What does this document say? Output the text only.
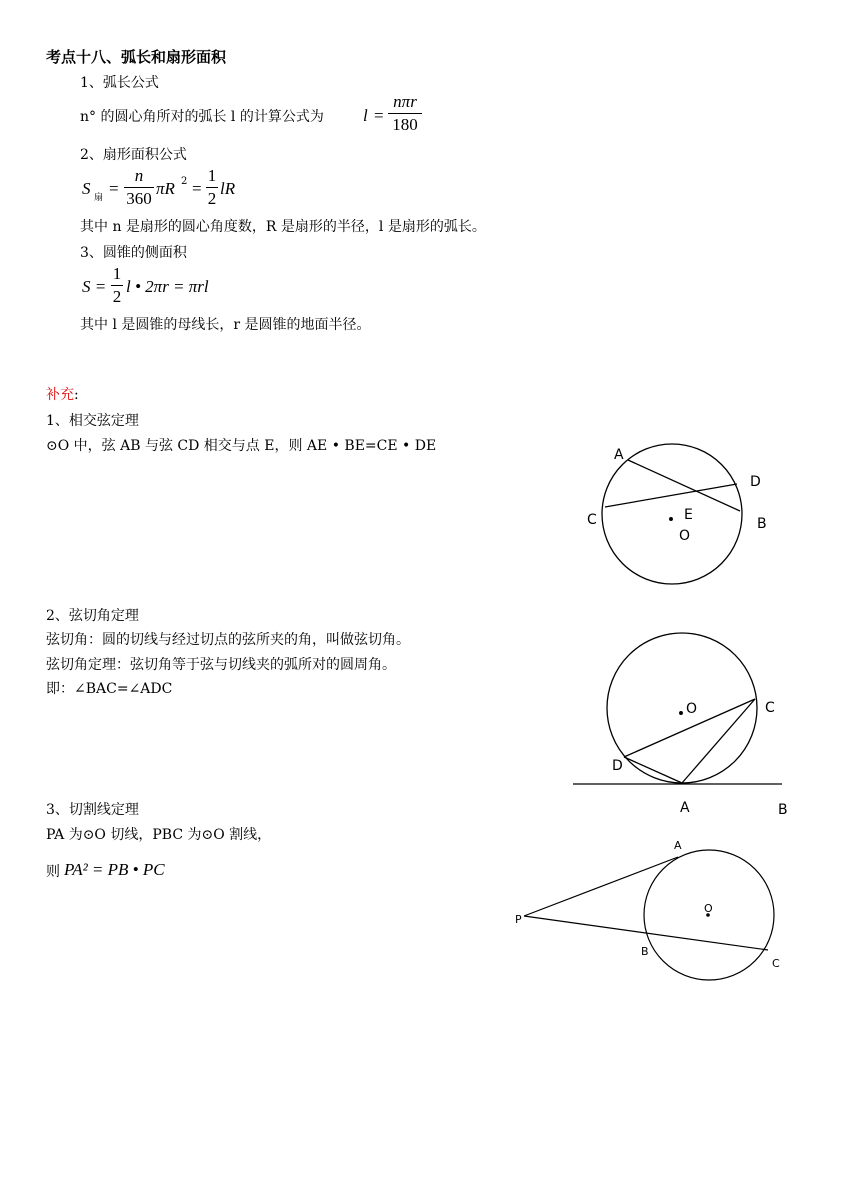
考点十八、弧长和扇形面积
1、弧长公式
n° 的圆心角所对的弧长 l 的计算公式为 l =
nπr
180
2、扇形面积公式
S 扇 =
n
360
πR 2 =
1
2
lR
其中 n 是扇形的圆心角度数，R 是扇形的半径，l 是扇形的弧长。
3、圆锥的侧面积
S =
1
2
l • 2πr = πrl
其中 l 是圆锥的母线长，r 是圆锥的地面半径。
补充:
1、相交弦定理
⊙O 中，弦 AB 与弦 CD 相交与点 E，则 AE • BE=CE • DE
2、弦切角定理
弦切角：圆的切线与经过切点的弦所夹的角，叫做弦切角。
弦切角定理：弦切角等于弦与切线夹的弧所对的圆周角。
即：∠BAC=∠ADC
3、切割线定理
PA 为⊙O 切线，PBC 为⊙O 割线，
则 PA² = PB • PC
A
D
C	B
E
O
O	C
D
A	B
A
P
O
B
C
